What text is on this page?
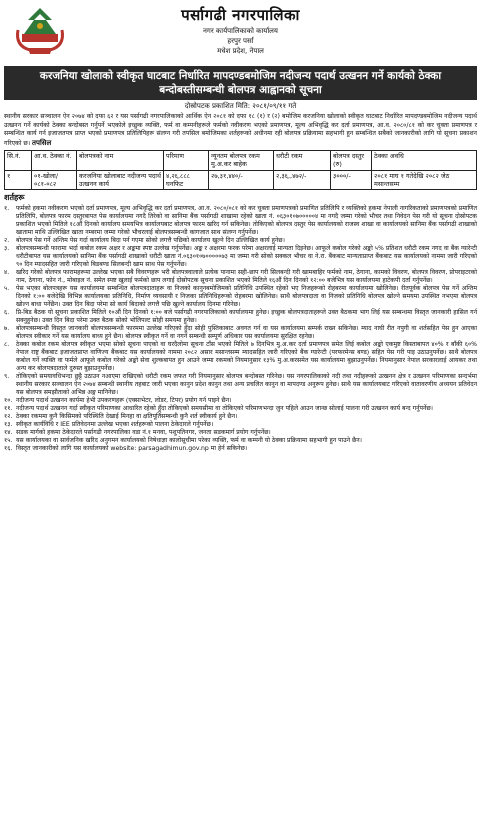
पर्सागढी नगरपालिका
नगर कार्यपालिकाको कार्यालय
हरपुर पर्सा
मधेश प्रदेश, नेपाल
करजनिया खोलाको स्वीकृत घाटबाट निर्धारित मापदण्डबमोजिम नदीजन्य पदार्थ उत्खनन गर्ने कार्यको ठेक्का बन्दोबस्तीसम्बन्धी बोलपत्र आह्वानको सूचना
दोस्रोपटक प्रकाशित मिति: २०८१/०९/११ गते
स्थानीय सरकार सञ्चालन ऐन २०७४ को दफा ६२ र यस पर्सागढी नगरपालिकाको आर्थिक ऐन २०८१ को दफा १८ (१) र (२) बमोजिम करजनिया खोलाको स्वीकृत घाटबाट निर्धारित मापदण्डबमोजिम नदीजन्य पदार्थ उत्खनन गर्ने कार्यको ठेक्का बन्दोबस्त गर्नुपर्ने भएकोले इच्छुक व्यक्ति, फर्म वा कम्पनीहरूले फर्मको नवीकरण भएको प्रमाणपत्र, मूल्य अभिवृद्धि कर दर्ता प्रमाणपत्र, आ.व. २०८०/८१ को कर चुक्ता प्रमाणपत्र र सम्बन्धित कार्य गर्न इजाजतपत्र प्राप्त भएको प्रमाणपत्र प्रतिलिपिहरू संलग्न गरी तपसिल बमोजिमका शर्तहरूको अधीनमा रही बोलपत्र प्रक्रियामा सहभागी हुन सम्बन्धित सबैको जानकारीको लागि यो सूचना प्रकाशन गरिएको छ। तपसिल
सि.नं.	आ.व. ठेक्का नं.	बोलपत्रको नाम	परिमाण	न्यूनतम बोलपत्र रकम मु.अ.कर बाहेक	धरौटी रकम	बोलपत्र दस्तुर (रु)	ठेक्का अवधि
१	०१-खोला/०८१-०८२	करजनिया खोलाबाट नदीजन्य पदार्थ उत्खनन कार्य	४,२६,८८८ घनफिट	२७,३१,४४०/-	२,३६,,४७२/-	३०००/-	२०८१ माघ १ गतेदेखि २०८२ जेठ मसान्तसम्म
शर्तहरू
१.	फर्मको हकमा नवीकरण भएको दर्ता प्रमाणपत्र, मूल्य अभिवृद्धि कर दर्ता प्रमाणपत्र, आ.व. २०८०/०८१ को कर चुक्ता प्रमाणपत्रको प्रमाणित प्रतिलिपि र व्यक्तिको हकमा नेपाली नागरिकताको प्रमाणपत्रको प्रमाणित प्रतिलिपि, बोलपत्र फारम दस्तुरबापत पेस कार्यालयमा नगदै तिरेको वा सानिमा बैंक पर्सागढी शाखामा रहेको खाता नं. ०६३०१०७०००००४ मा नगदै जम्मा गरेको भौचर तथा निवेदन पेस गरी यो सूचना दोस्रोपटक प्रकाशित भएको मितिले १८औं दिनको कार्यालय समयभित्र कार्यालयबाट बोलपत्र फारम खरिद गर्न सकिनेछ। तोकिएको बोलपत्र दस्तुर पेस कार्यालयको राजस्व शाखा वा कार्यालयको सानिमा बैंक पर्सागढी शाखाको खातामा माथि उल्लिखित खाता नम्बरमा जम्मा गरेको भौचरलाई बोलपत्रसम्बन्धी कागजात साथ संलग्न गर्नुपर्नेछ।
२.	बोलपत्र पेस गर्ने अन्तिम पेस गर्दा कार्यालय बिदा पर्न गएमा सोको लगत्तै पछिको कार्यालय खुल्ने दिन उल्लिखित कार्य हुनेछ।
३.	बोलपत्रसम्बन्धी फारामा भर्दा कबोल रकम अक्षर र अङ्कमा स्पष्ट उल्लेख गर्नुपर्नेछ। अङ्क र अक्षरमा फरक परेमा अक्षरलाई मान्यता दिइनेछ। आफूले कबोल गरेको अङ्को ५% प्रतिशत धरौटी रकम नगद वा बैंक ग्यारेन्टी धरौटीबापत यस कार्यालयको सानिमा बैंक पर्सागढी शाखाको धरौटी खाता नं.०६३०१०७०००००७३ मा जम्मा गरी सोको सक्कल भौचर वा ने.रा. बैंकबाट मान्यताप्राप्त बैंकबाट यस कार्यालयको नाममा जारी गरिएको ९० दिन म्यादसहित जारी गरिएको बिडबण्ड सिलबन्दी खाम साथ पेस गर्नुपर्नेछ।
४.	खरिद गरेको बोलपत्र फारामहरूमा उल्लेख भएका सबै विवरणहरू भरी बोलपत्रवालाले प्रत्येक पानामा सही-छाप गरी सिलबन्दी गरी खामबाहिर फर्मको नाम, ठेगाना, कामको विवरण, बोलपत्र विवरण, प्रोपराइटरको नाम, ठेगाना, फोन नं., मोबाइल नं. समेत स्पष्ट खुलाई फर्मको छाप लगाई दोस्रोपटक सूचना प्रकाशित भएको मितिले १६औं दिन दिनको १२:०० बजेभित्र यस कार्यालयमा हाटेकपी दर्ता गर्नुपर्नेछ।
५.	पेस भएका बोलपत्रहरू यस कार्यालयमा सम्बन्धित बोलपत्रदाताहरू वा निजको कानुनबमोजिमको प्रतिनिधि उपस्थित रहेको भए निजहरूको रोहबरमा कार्यालयमा खोलिनेछ। रीतपूर्वक बोलपत्र पेस गर्ने अन्तिम दिनको १:०० बजेदेखि विभिन्न कार्यालयका प्रतिनिधि, निर्माण व्यवसायी र निजका प्रतिनिधिहरूको रोहबरमा खोलिनेछ। साथै बोलपत्रदाता वा निजको प्रतिनिधि बोलपत्र खोल्ने समयमा उपस्थित नभएमा बोलपत्र खोल्न बाधा पर्नेछैन। उक्त दिन बिदा परेमा सो कार्य बिदाको लगत्तै पछि खुल्ने कार्यालय दिनमा गरिनेछ।
६.	प्रि-बिड बैठक यो सूचना प्रकाशित मितिले १०औं दिन दिनको १:०० बजे पर्सागढी नगरपालिकाको कार्यालयमा हुनेछ। इच्छुक बोलपत्रदाताहरूले उक्त बैठकमा भाग लिई यस सम्बन्धमा विस्तृत जानकारी हासिल गर्न सक्नुहुनेछ। उक्त दिन बिदा परेमा उक्त बैठक सोको भोलिपल्ट सोही समयमा हुनेछ।
७.	बोलपत्रसम्बन्धी विस्तृत जानकारी बोलपत्रसम्बन्धी फारममा उल्लेख गरिएको हुँदा सोही पुस्तिकाबाट अवगत गर्न वा यस कार्यालयमा सम्पर्क राख्न सकिनेछ। म्याद नाघी रीत नपुगी वा शर्तसहित पेस हुन आएका बोलपत्र स्वीकार गर्ने यस कार्यालय बाध्य हुने छैन। बोलपत्र स्वीकृत गर्ने वा नगर्ने सम्बन्धी सम्पूर्ण अधिकार यस कार्यालयमा सुरक्षित रहनेछ।
८.	ठेक्का कबोल रकम बोलपत्र स्वीकृत भएमा सोको सूचना पाएको वा घरदैलोमा सूचना टाँस भएको मितिले ७ दिनभित्र मु.अ.कर दर्ता प्रमाणपत्र समेत लिई कबोल अङ्को एकमुष्ट किस्ताबापत ४०% र बाँकी ६०% नेपाल राष्ट्र बैंकबाट इजाजतप्राप्त वाणिज्य बैंकबाट यस कार्यालयको नाममा २०८२ असार मसान्तसम्म म्यादसहित जारी गरिएको बैंक ग्यारेन्टी (परफरमेन्स बण्ड) सहित पेस गरी पाइ उठाउनुपर्नेछ। साथै बोलपत्र कबोल गर्ने व्यक्ति वा फर्मले आफूले कबोल गरेको अङ्को सेवा शुल्कबापत हुन आउने जम्मा रकमको नियमानुसार १३% मु.अ.करसमेत यस कार्यालयमा बुझाउनुपर्नेछ। नियमानुसार नेपाल सरकारलाई आयकर तथा अन्य कर बोलपत्रदाताले दुरुस्त बुझाउनुपर्नेछ।
९.	तोकिएको समयावधिभन्दा छुट्टै उठाउन नआएमा राखिएको धरौटी रकम जफत गरी नियमानुसार बोलपत्र बन्दोबस्त गरिनेछ। यस नगरपालिकाको नदी तथा नदीहरूको उत्खनन क्षेत्र र उत्खनन परिमाणका सन्दर्भमा स्थानीय सरकार सञ्चालन ऐन २०७४ सम्बन्धी स्थानीय तहबाट जारी भएका कानुन प्रदेश कानुन तथा अन्य प्रचलित कानुन वा मापदण्ड अनुरूप हुनेछ। साथै यस कार्यालयबाट गरिएको वातावरणीय अध्ययन प्रतिवेदन यस बोलपत्र समझौताको अभिन्न अङ्ग मानिनेछ।
१०. नदीजन्य पदार्थ उत्खनन कार्यमा हेभी उपकरणहरू (एक्साभेटर, लोडर, टिपर) प्रयोग गर्न पाइने छैन।
११. नदीजन्य पदार्थ उत्खनन गर्दा स्वीकृत परिमाणका आधारित रहेको हुँदा तोकिएको समयसीमा वा तोकिएको परिमाणभन्दा जुन पहिले आउन जान्छ सोलाई पालना गरी उत्खनन कार्य बन्द गर्नुपर्नेछ।
१२. ठेक्का रकममा कुनै किसिमको परिस्थिति देखाई मिनहा वा क्षतिपूर्तिसम्बन्धी कुनै शर्त स्वीकार्य हुने छैन।
१३. स्वीकृत कार्यविधि र IEE प्रतिवेदनमा उल्लेख भएका शर्तहरूको पालना ठेकेदारले गर्नुपर्नेछ।
१४. सडक मार्गको हकमा ठेकेदारले पर्सागढी नगरपालिका वडा नं.१ मनवा, पशुपतिनगर, जनता सडकमार्ग प्रयोग गर्नुपर्नेछ।
१५. यस कार्यालयका वा सार्वजनिक खरिद अनुगमन कार्यालयको निषेधाज्ञा कालोसूचीमा परेका व्यक्ति, फर्म वा कम्पनी यो ठेक्का प्रक्रियामा सहभागी हुन पाउने छैन।
१६. विस्तृत जानकारीको लागि यस कार्यालयको website: parsagadhimun.gov.np मा हेर्न सकिनेछ।
